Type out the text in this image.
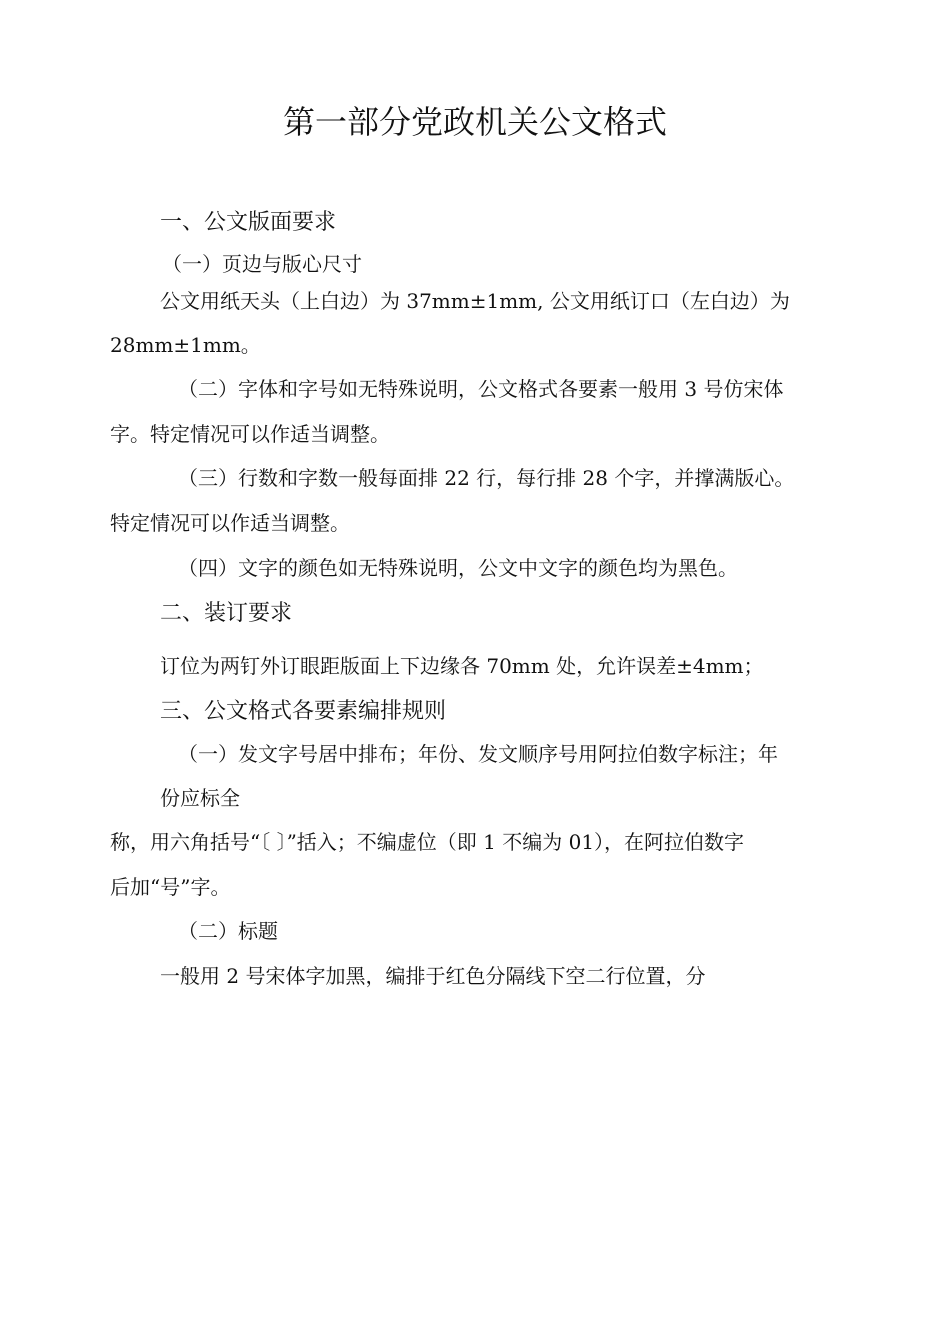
第一部分党政机关公文格式
一、公文版面要求
（一）页边与版心尺寸
公文用纸天头（上白边）为 37mm±1mm, 公文用纸订口（左白边）为
28mm±1mm。
（二）字体和字号如无特殊说明，公文格式各要素一般用 3 号仿宋体
字。特定情况可以作适当调整。
（三）行数和字数一般每面排 22 行，每行排 28 个字，并撑满版心。
特定情况可以作适当调整。
（四）文字的颜色如无特殊说明，公文中文字的颜色均为黑色。
二、装订要求
订位为两钉外订眼距版面上下边缘各 70mm 处，允许误差±4mm；
三、公文格式各要素编排规则
（一）发文字号居中排布；年份、发文顺序号用阿拉伯数字标注；年
份应标全
称，用六角括号“〔 〕”括入；不编虚位（即 1 不编为 01），在阿拉伯数字
后加“号”字。
（二）标题
一般用 2 号宋体字加黑，编排于红色分隔线下空二行位置，分
